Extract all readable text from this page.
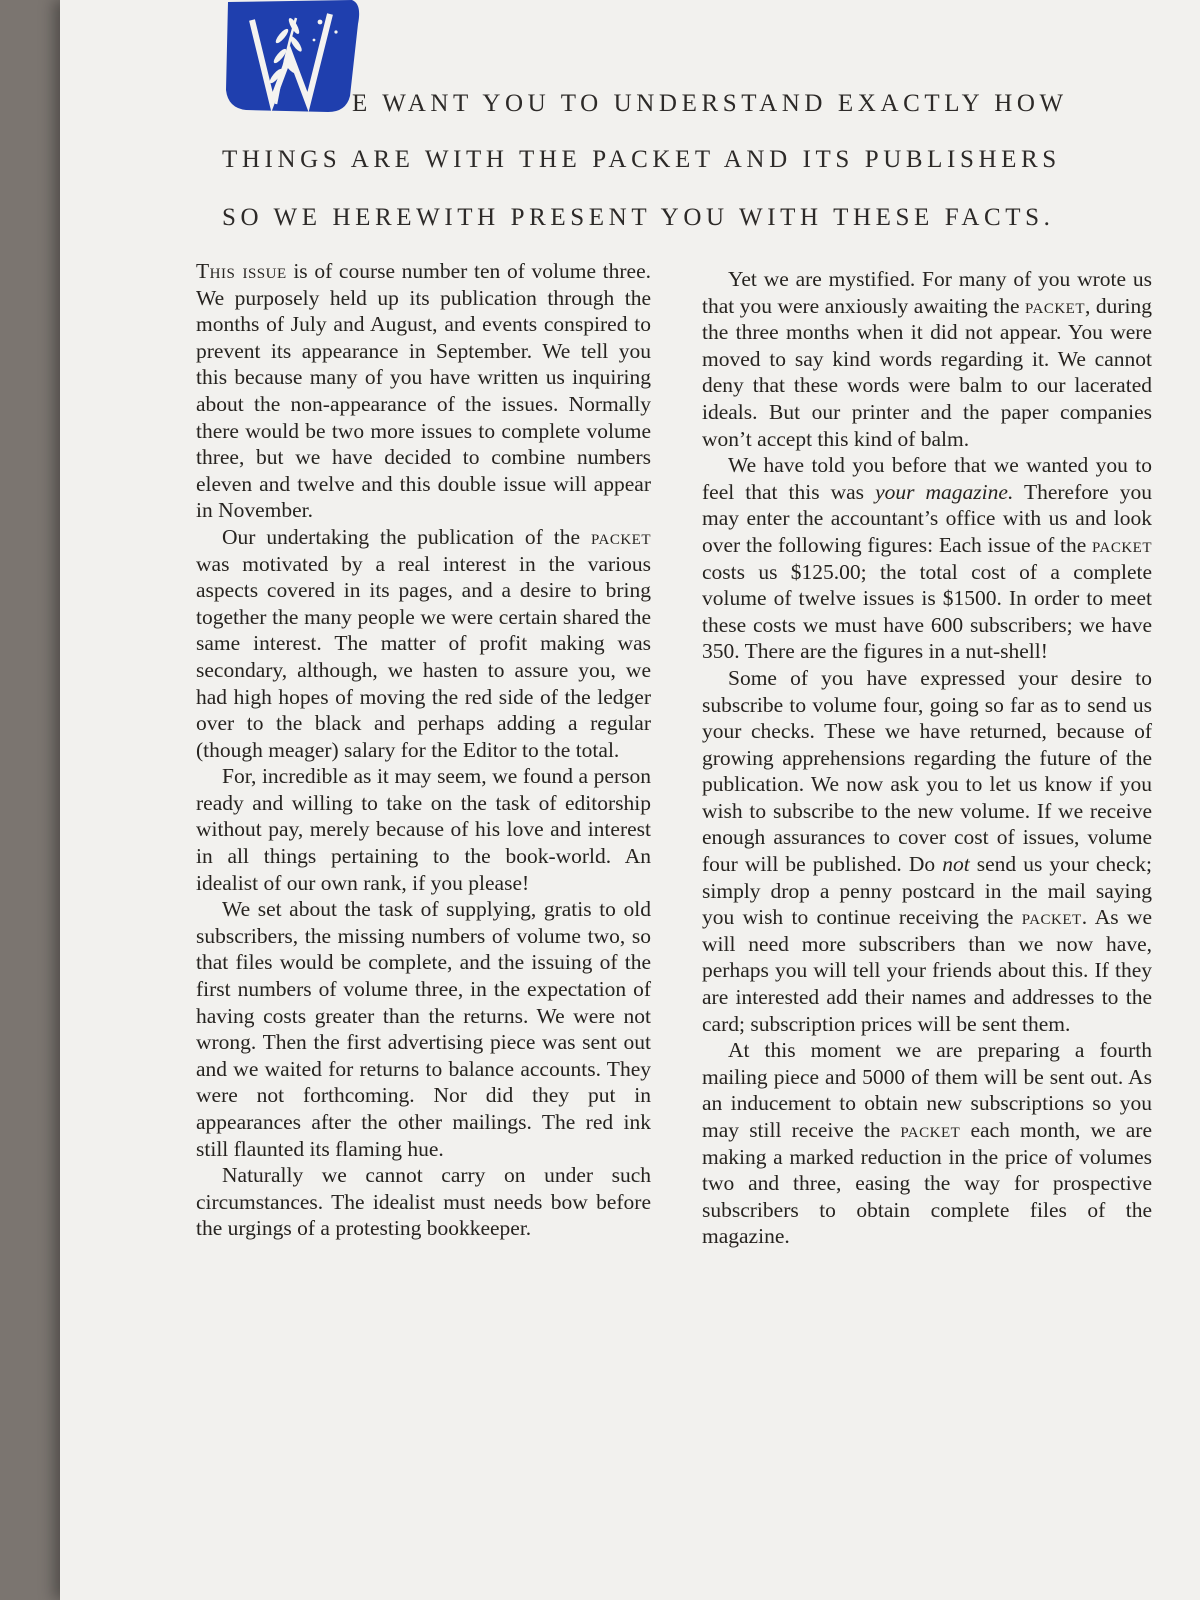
E WANT YOU TO UNDERSTAND EXACTLY HOW
THINGS ARE WITH THE PACKET AND ITS PUBLISHERS
SO WE HEREWITH PRESENT YOU WITH THESE FACTS.

This issue is of course number ten of volume three. We purposely held up its publication through the months of July and August, and events conspired to prevent its appearance in September. We tell you this because many of you have written us inquiring about the non-appearance of the issues. Normally there would be two more issues to complete volume three, but we have decided to combine numbers eleven and twelve and this double issue will appear in November.

Our undertaking the publication of the packet was motivated by a real interest in the various aspects covered in its pages, and a desire to bring together the many people we were certain shared the same interest. The matter of profit making was secondary, although, we hasten to assure you, we had high hopes of moving the red side of the ledger over to the black and perhaps adding a regular (though meager) salary for the Editor to the total.

For, incredible as it may seem, we found a person ready and willing to take on the task of editorship without pay, merely because of his love and interest in all things pertaining to the book-world. An idealist of our own rank, if you please!

We set about the task of supplying, gratis to old subscribers, the missing numbers of volume two, so that files would be complete, and the issuing of the first numbers of volume three, in the expectation of having costs greater than the returns. We were not wrong. Then the first advertising piece was sent out and we waited for returns to balance accounts. They were not forthcoming. Nor did they put in appearances after the other mailings. The red ink still flaunted its flaming hue.

Naturally we cannot carry on under such circumstances. The idealist must needs bow before the urgings of a protesting bookkeeper.

Yet we are mystified. For many of you wrote us that you were anxiously awaiting the packet, during the three months when it did not appear. You were moved to say kind words regarding it. We cannot deny that these words were balm to our lacerated ideals. But our printer and the paper companies won’t accept this kind of balm.

We have told you before that we wanted you to feel that this was your magazine. Therefore you may enter the accountant’s office with us and look over the following figures: Each issue of the packet costs us $125.00; the total cost of a complete volume of twelve issues is $1500. In order to meet these costs we must have 600 subscribers; we have 350. There are the figures in a nut-shell!

Some of you have expressed your desire to subscribe to volume four, going so far as to send us your checks. These we have returned, because of growing apprehensions regarding the future of the publication. We now ask you to let us know if you wish to subscribe to the new volume. If we receive enough assurances to cover cost of issues, volume four will be published. Do not send us your check; simply drop a penny postcard in the mail saying you wish to continue receiving the packet. As we will need more subscribers than we now have, perhaps you will tell your friends about this. If they are interested add their names and addresses to the card; subscription prices will be sent them.

At this moment we are preparing a fourth mailing piece and 5000 of them will be sent out. As an inducement to obtain new subscriptions so you may still receive the packet each month, we are making a marked reduction in the price of volumes two and three, easing the way for prospective subscribers to obtain complete files of the magazine.
